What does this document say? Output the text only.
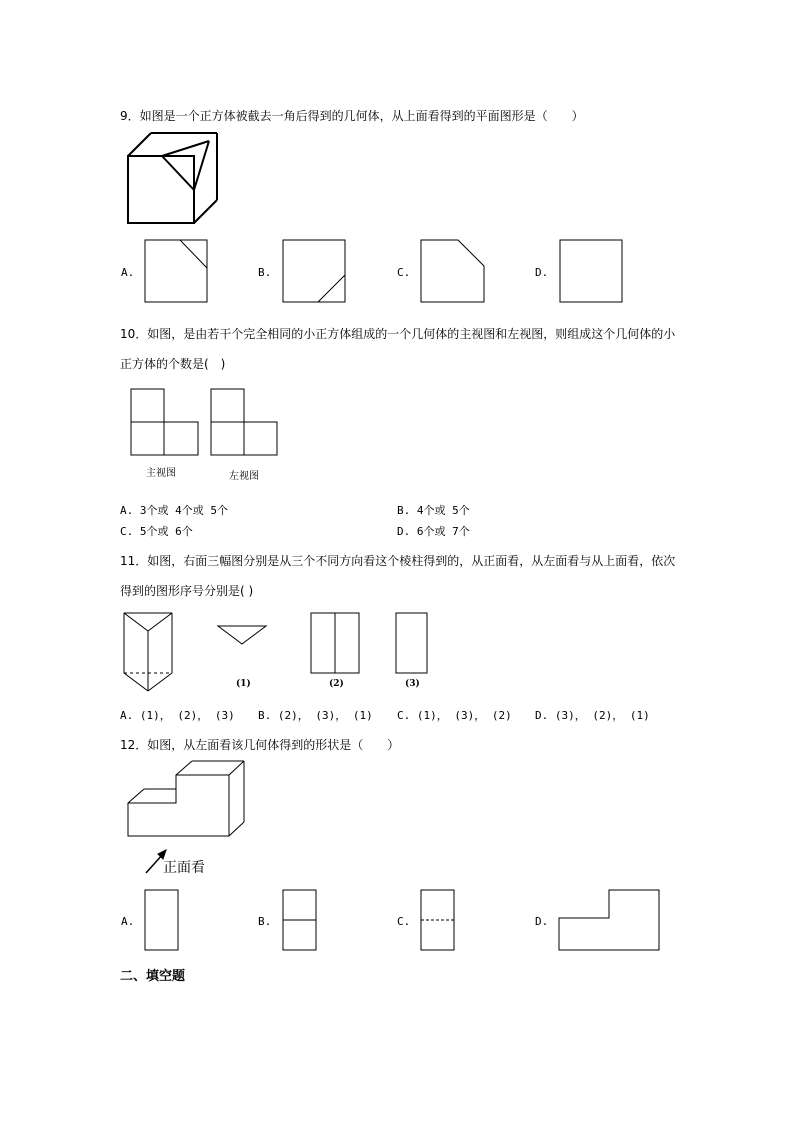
9．如图是一个正方体被截去一角后得到的几何体，从上面看得到的平面图形是（　　）
A.	B.	C.	D.
10．如图，是由若干个完全相同的小正方体组成的一个几何体的主视图和左视图，则组成这个几何体的小
正方体的个数是(　)
主视图	左视图
A. 3个或 4个或 5个	B. 4个或 5个
C. 5个或 6个	D. 6个或 7个
11．如图，右面三幅图分别是从三个不同方向看这个棱柱得到的，从正面看，从左面看与从上面看，依次
得到的图形序号分别是( )
(1)	(2)	(3)
A. (1)， (2)， (3) B. (2)， (3)， (1) C. (1)， (3)， (2) D. (3)， (2)， (1)
12．如图，从左面看该几何体得到的形状是（　　）
正面看
A.	B.	C.	D.
二、填空题
